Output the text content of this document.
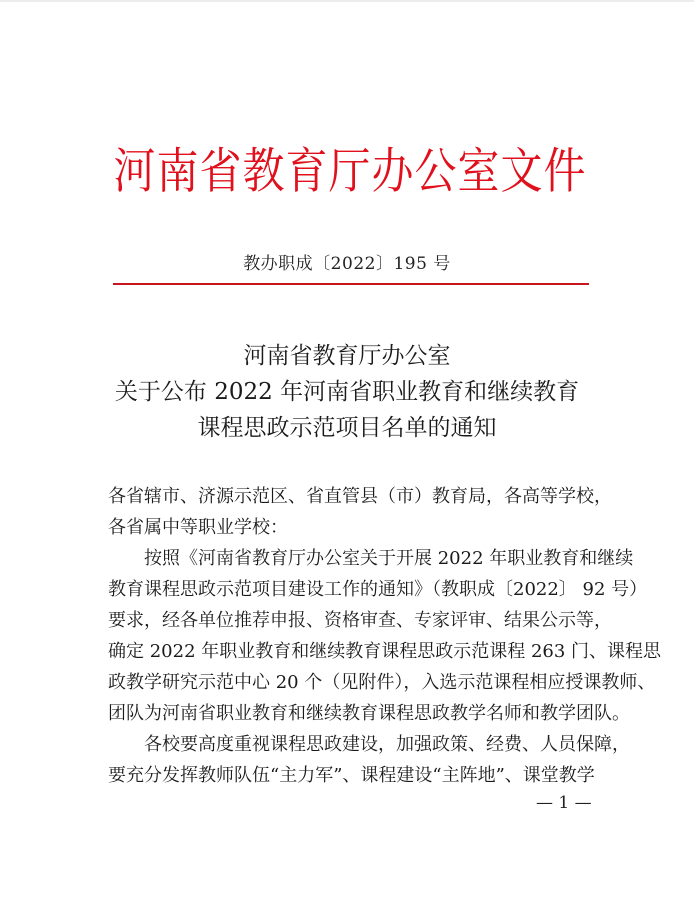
河南省教育厅办公室文件
教办职成〔2022〕195 号
河南省教育厅办公室
关于公布 2022 年河南省职业教育和继续教育
课程思政示范项目名单的通知

各省辖市、济源示范区、省直管县（市）教育局，各高等学校，

各省属中等职业学校：

按照《河南省教育厅办公室关于开展 2022 年职业教育和继续

教育课程思政示范项目建设工作的通知》（教职成〔2022〕 92 号）

要求，经各单位推荐申报、资格审查、专家评审、结果公示等，

确定 2022 年职业教育和继续教育课程思政示范课程 263 门、课程思

政教学研究示范中心 20 个（见附件），入选示范课程相应授课教师、

团队为河南省职业教育和继续教育课程思政教学名师和教学团队。

各校要高度重视课程思政建设，加强政策、经费、人员保障，

要充分发挥教师队伍“主力军”、课程建设“主阵地”、课堂教学

— 1 —
